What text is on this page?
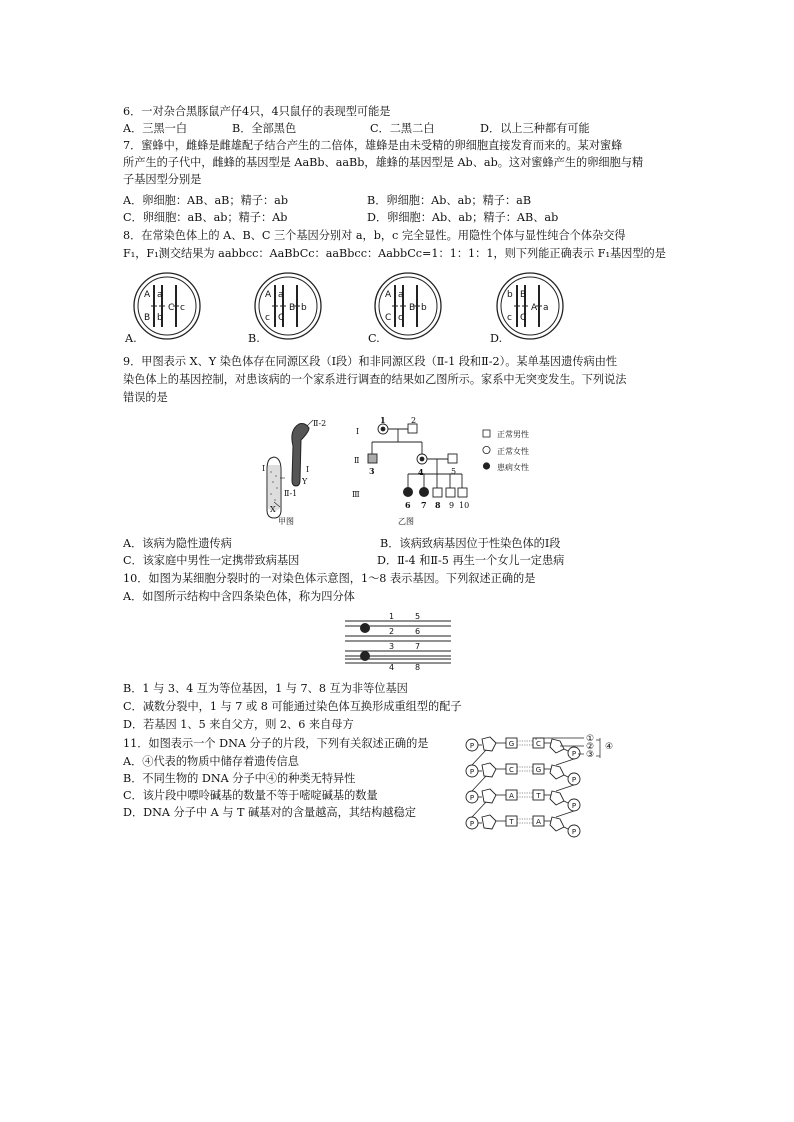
6．一对杂合黑豚鼠产仔4只，4只鼠仔的表现型可能是
A．三黑一白	B．全部黑色	C．二黑二白	D．以上三种都有可能
7．蜜蜂中，雌蜂是雌雄配子结合产生的二倍体，雄蜂是由未受精的卵细胞直接发育而来的。某对蜜蜂
所产生的子代中，雌蜂的基因型是 AaBb、aaBb，雄蜂的基因型是 Ab、ab。这对蜜蜂产生的卵细胞与精
子基因型分别是
A．卵细胞：AB、aB；精子：ab	B．卵细胞：Ab、ab；精子：aB
C．卵细胞：aB、ab；精子：Ab	D．卵细胞：Ab、ab；精子：AB、ab
8．在常染色体上的 A、B、C 三个基因分别对 a，b，c 完全显性。用隐性个体与显性纯合个体杂交得
F₁，F₁测交结果为 aabbcc：AaBbCc：aaBbcc：AabbCc=1：1：1：1，则下列能正确表示 F₁基因型的是
A
B
a
b
C c
A
c
a
C
B b
A
C
a
c
B b
b
c
B
C
A a
A.	B.	C.	D.
9．甲图表示 X、Y 染色体存在同源区段（Ⅰ段）和非同源区段（Ⅱ-1 段和Ⅱ-2）。某单基因遗传病由性
染色体上的基因控制，对患该病的一个家系进行调查的结果如乙图所示。家系中无突变发生。下列说法
错误的是
Ⅱ-2
Ⅰ	Ⅰ
Y
Ⅱ-1
X
甲图
Ⅰ
Ⅱ
Ⅲ
1	2
3	4	5
6 7 8 9 10
乙图
正常男性
正常女性
患病女性
A．该病为隐性遗传病	B．该病致病基因位于性染色体的Ⅰ段
C．该家庭中男性一定携带致病基因	D．Ⅱ-4 和Ⅱ-5 再生一个女儿一定患病
10．如图为某细胞分裂时的一对染色体示意图，1～8 表示基因。下列叙述正确的是
A．如图所示结构中含四条染色体，称为四分体
1	5
2	6
3	7
4	8
B．1 与 3、4 互为等位基因，1 与 7、8 互为非等位基因
C．减数分裂中，1 与 7 或 8 可能通过染色体互换形成重组型的配子
D．若基因 1、5 来自父方，则 2、6 来自母方
11．如图表示一个 DNA 分子的片段，下列有关叙述正确的是
A．④代表的物质中储存着遗传信息
B．不同生物的 DNA 分子中④的种类无特异性
C．该片段中嘌呤碱基的数量不等于嘧啶碱基的数量
D．DNA 分子中 A 与 T 碱基对的含量越高，其结构越稳定
P	G	C
P
P	C	G
P
P	A	T
P
P	T	A
P
①
②
③
④
